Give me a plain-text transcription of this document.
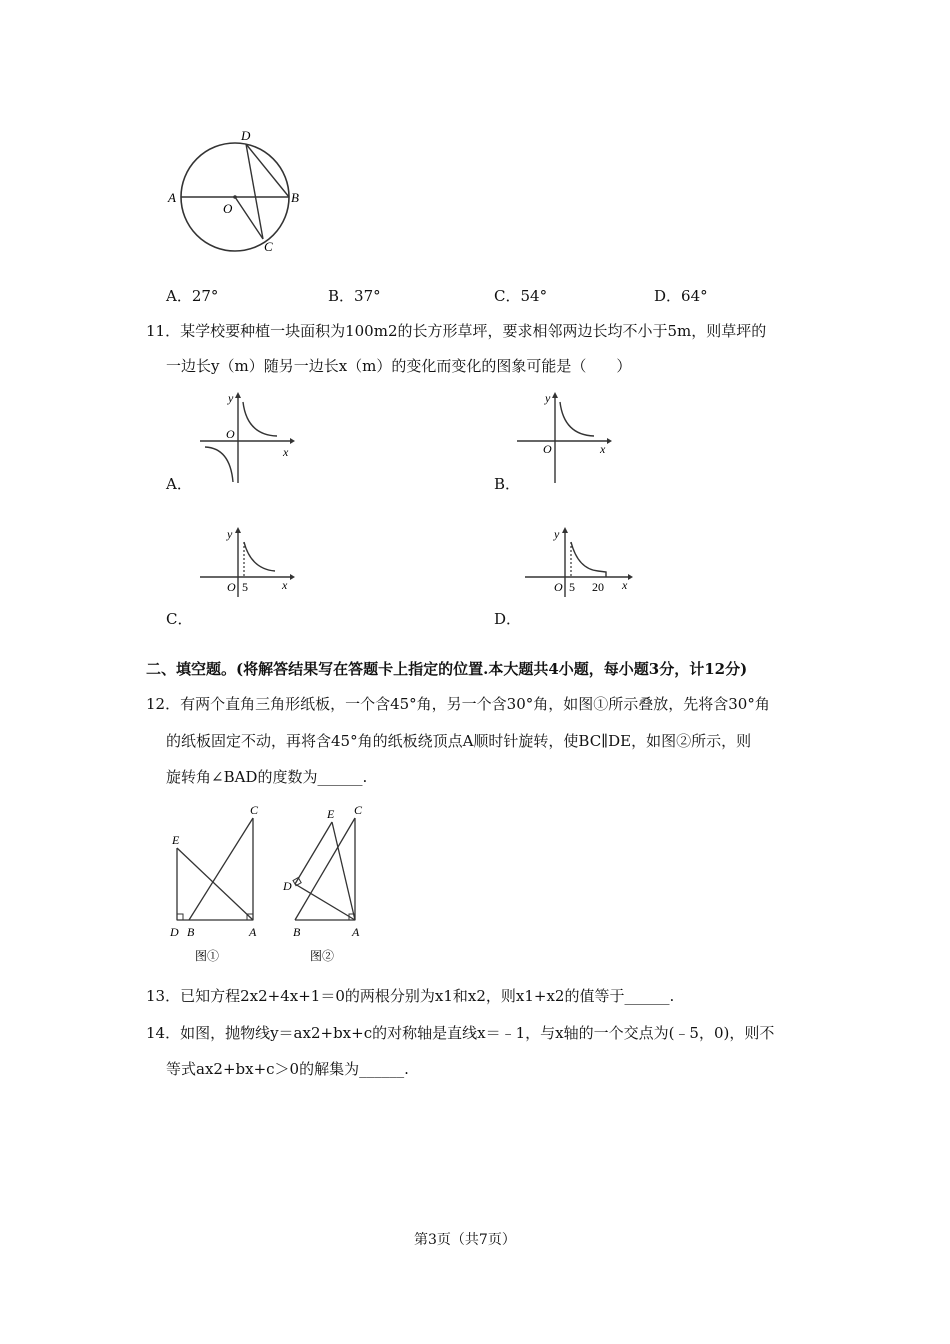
A	B
D
O
C
A．27°	B．37°	C．54°	D．64°
11．某学校要种植一块面积为100m2的长方形草坪，要求相邻两边长均不小于5m，则草坪的
一边长y（m）随另一边长x（m）的变化而变化的图象可能是（　　）
y
O
x
A．
y
O	x
B．
y
O 5	x
C．
y
O 5 20 x
D．
二、填空题。(将解答结果写在答题卡上指定的位置.本大题共4小题，每小题3分，计12分)
12．有两个直角三角形纸板，一个含45°角，另一个含30°角，如图①所示叠放，先将含30°角
的纸板固定不动，再将含45°角的纸板绕顶点A顺时针旋转，使BC∥DE，如图②所示，则
旋转角∠BAD的度数为______.
E
C
D B	A
图①
E C
D
B	A
图②
13．已知方程2x2+4x+1＝0的两根分别为x1和x2，则x1+x2的值等于______.
14．如图，抛物线y＝ax2+bx+c的对称轴是直线x＝﹣1，与x轴的一个交点为(﹣5，0)，则不
等式ax2+bx+c＞0的解集为______.
第3页（共7页）
